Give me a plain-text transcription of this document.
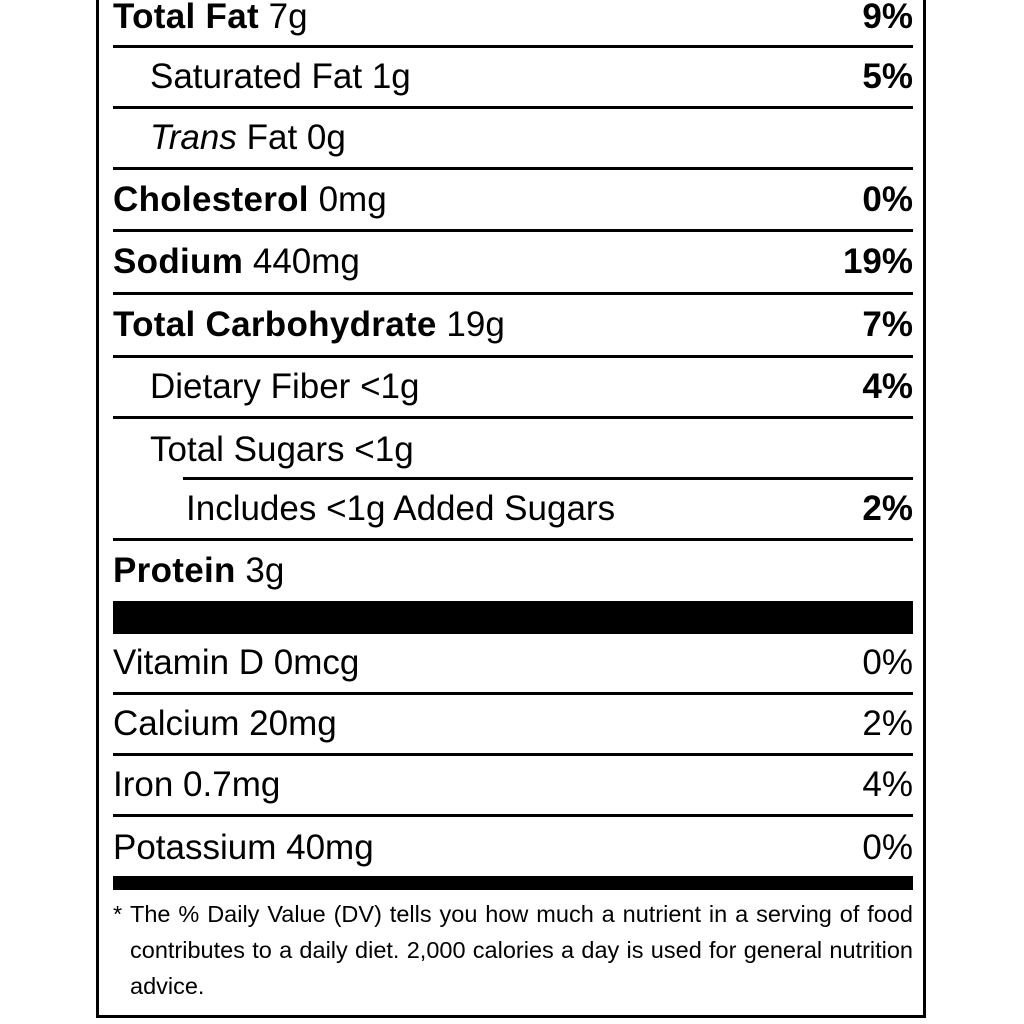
Total Fat 7g	9%
Saturated Fat 1g	5%
Trans Fat 0g
Cholesterol 0mg	0%
Sodium 440mg	19%
Total Carbohydrate 19g	7%
Dietary Fiber <1g	4%
Total Sugars <1g
Includes <1g Added Sugars	2%
Protein 3g
Vitamin D 0mcg	0%
Calcium 20mg	2%
Iron 0.7mg	4%
Potassium 40mg	0%
* The % Daily Value (DV) tells you how much a nutrient in a serving of food contributes to a daily diet. 2,000 calories a day is used for general nutrition advice.
